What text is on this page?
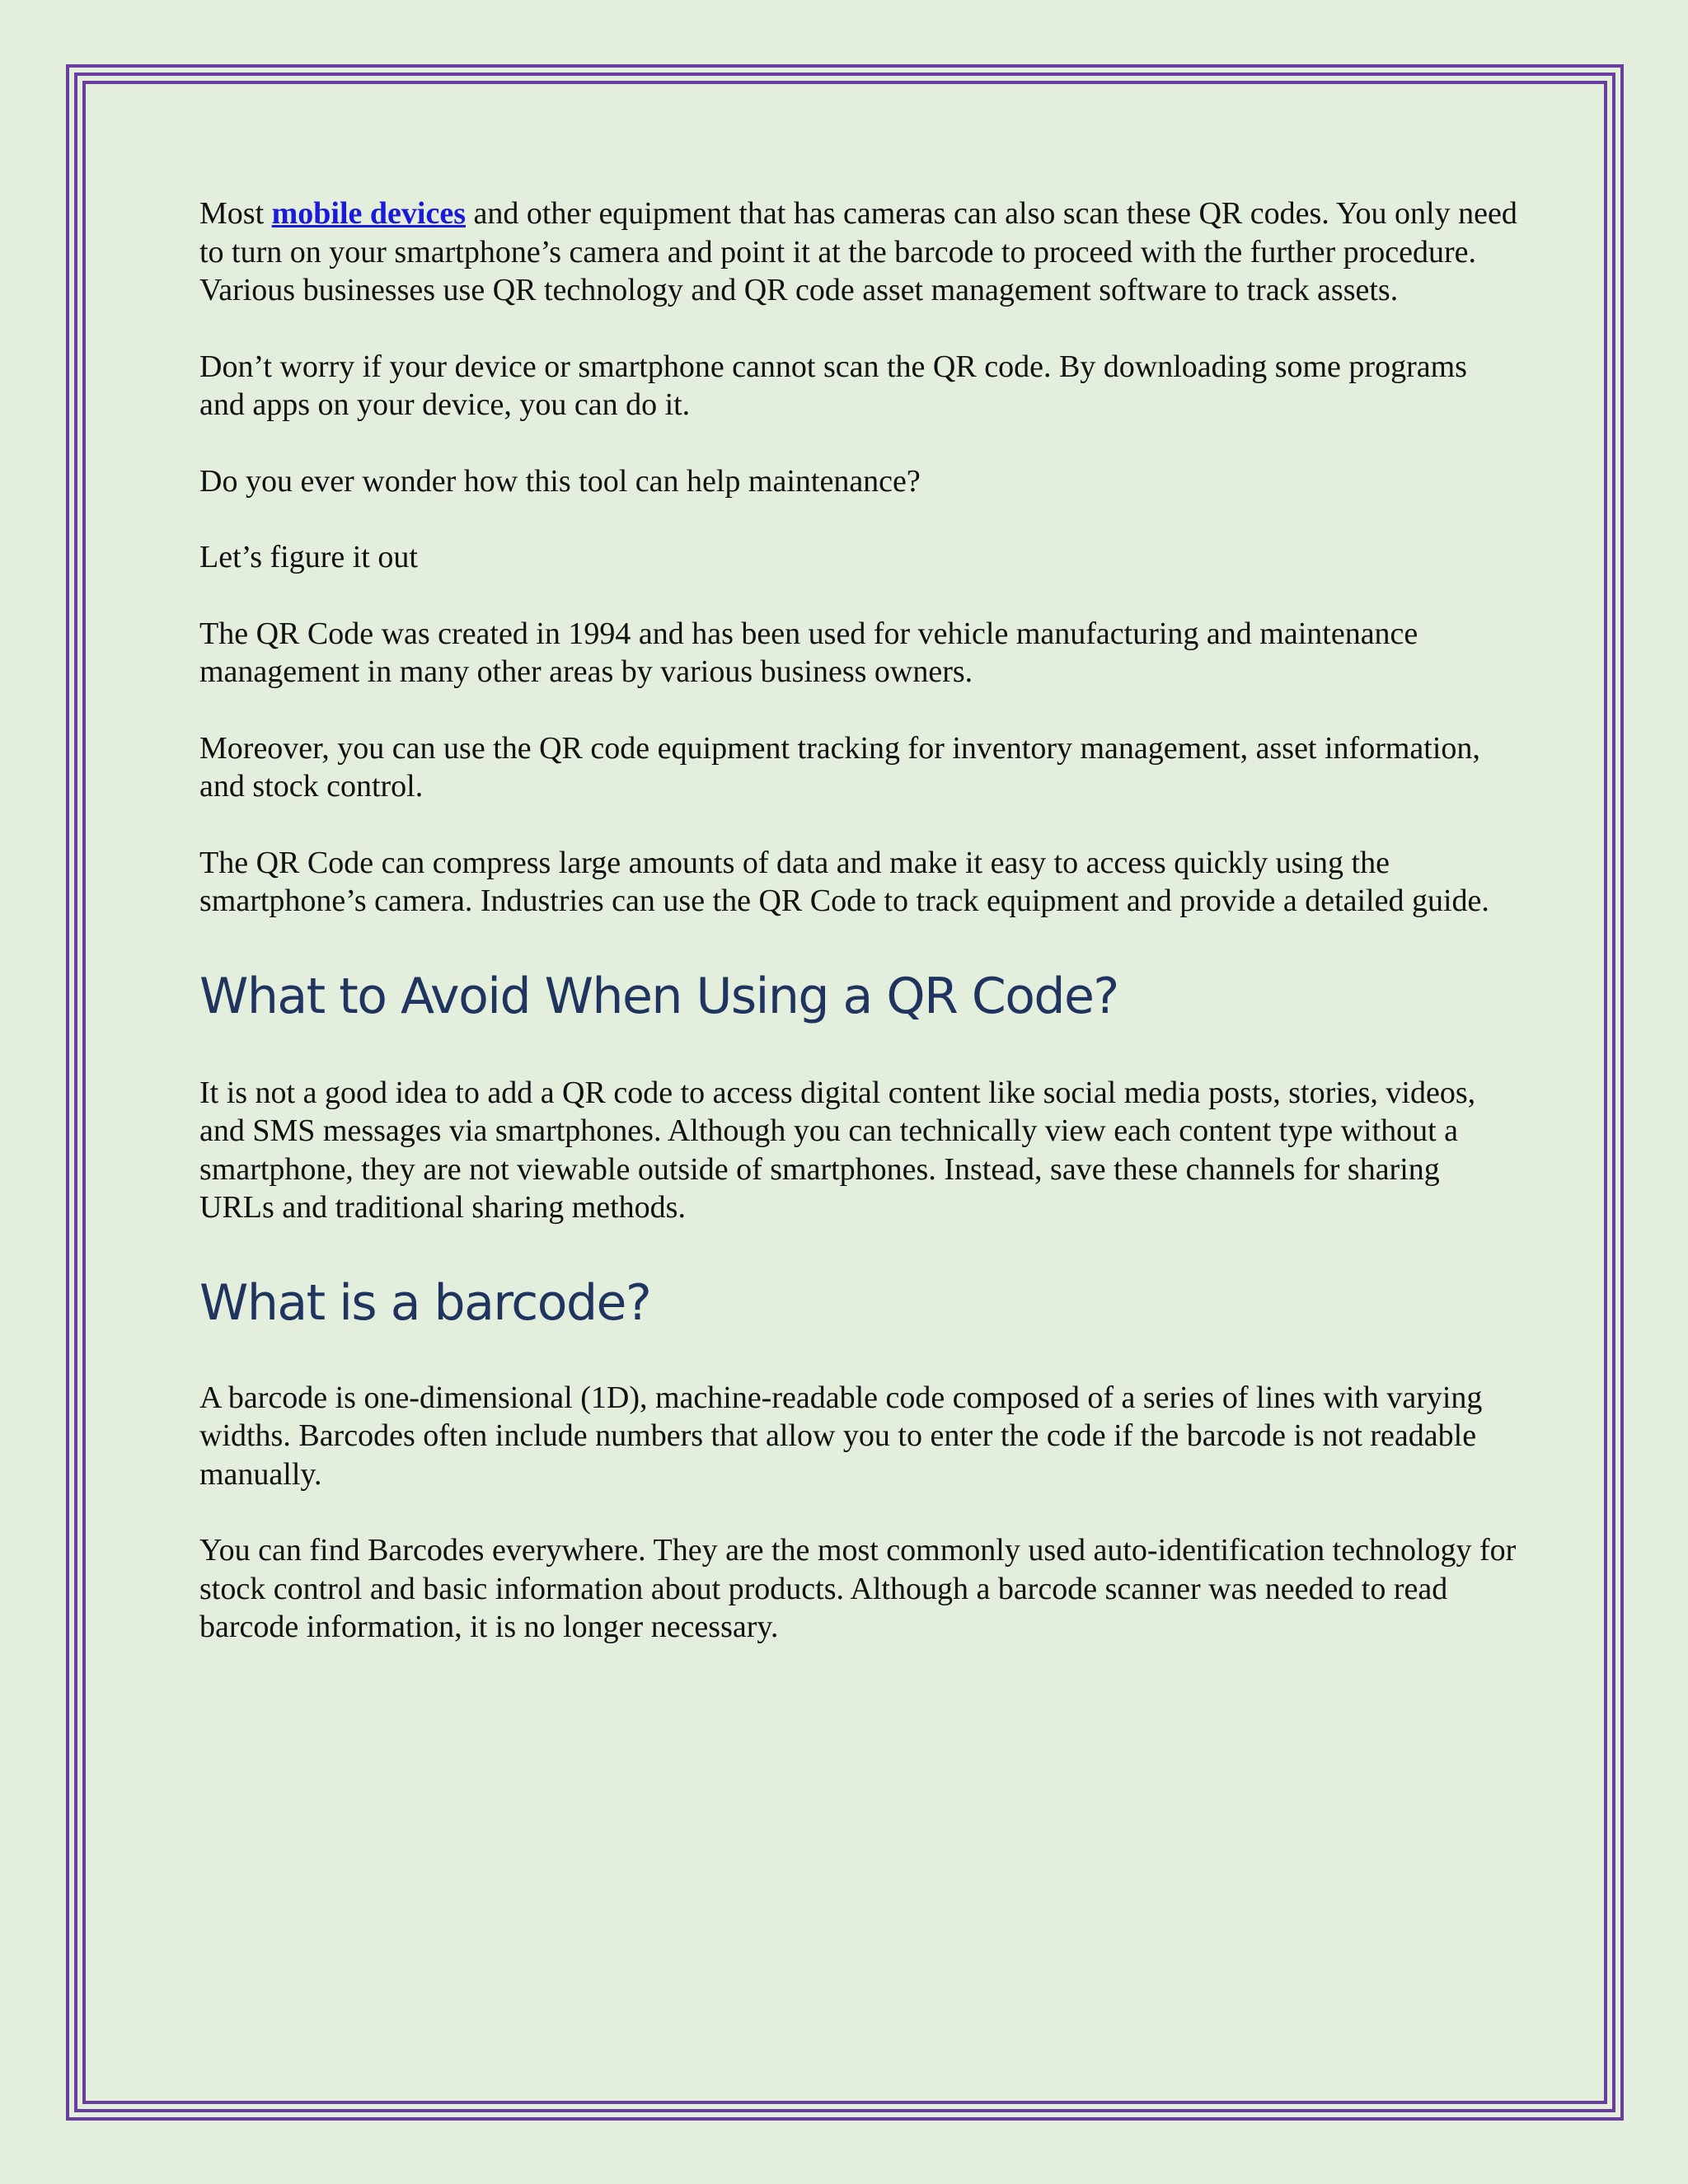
Most mobile devices and other equipment that has cameras can also scan these QR codes. You only need to turn on your smartphone’s camera and point it at the barcode to proceed with the further procedure. Various businesses use QR technology and QR code asset management software to track assets.

Don’t worry if your device or smartphone cannot scan the QR code. By downloading some programs and apps on your device, you can do it.

Do you ever wonder how this tool can help maintenance?

Let’s figure it out

The QR Code was created in 1994 and has been used for vehicle manufacturing and maintenance management in many other areas by various business owners.

Moreover, you can use the QR code equipment tracking for inventory management, asset information, and stock control.

The QR Code can compress large amounts of data and make it easy to access quickly using the smartphone’s camera. Industries can use the QR Code to track equipment and provide a detailed guide.

What to Avoid When Using a QR Code?

It is not a good idea to add a QR code to access digital content like social media posts, stories, videos, and SMS messages via smartphones. Although you can technically view each content type without a smartphone, they are not viewable outside of smartphones. Instead, save these channels for sharing URLs and traditional sharing methods.

What is a barcode?

A barcode is one-dimensional (1D), machine-readable code composed of a series of lines with varying widths. Barcodes often include numbers that allow you to enter the code if the barcode is not readable manually.

You can find Barcodes everywhere. They are the most commonly used auto-identification technology for stock control and basic information about products. Although a barcode scanner was needed to read barcode information, it is no longer necessary.
